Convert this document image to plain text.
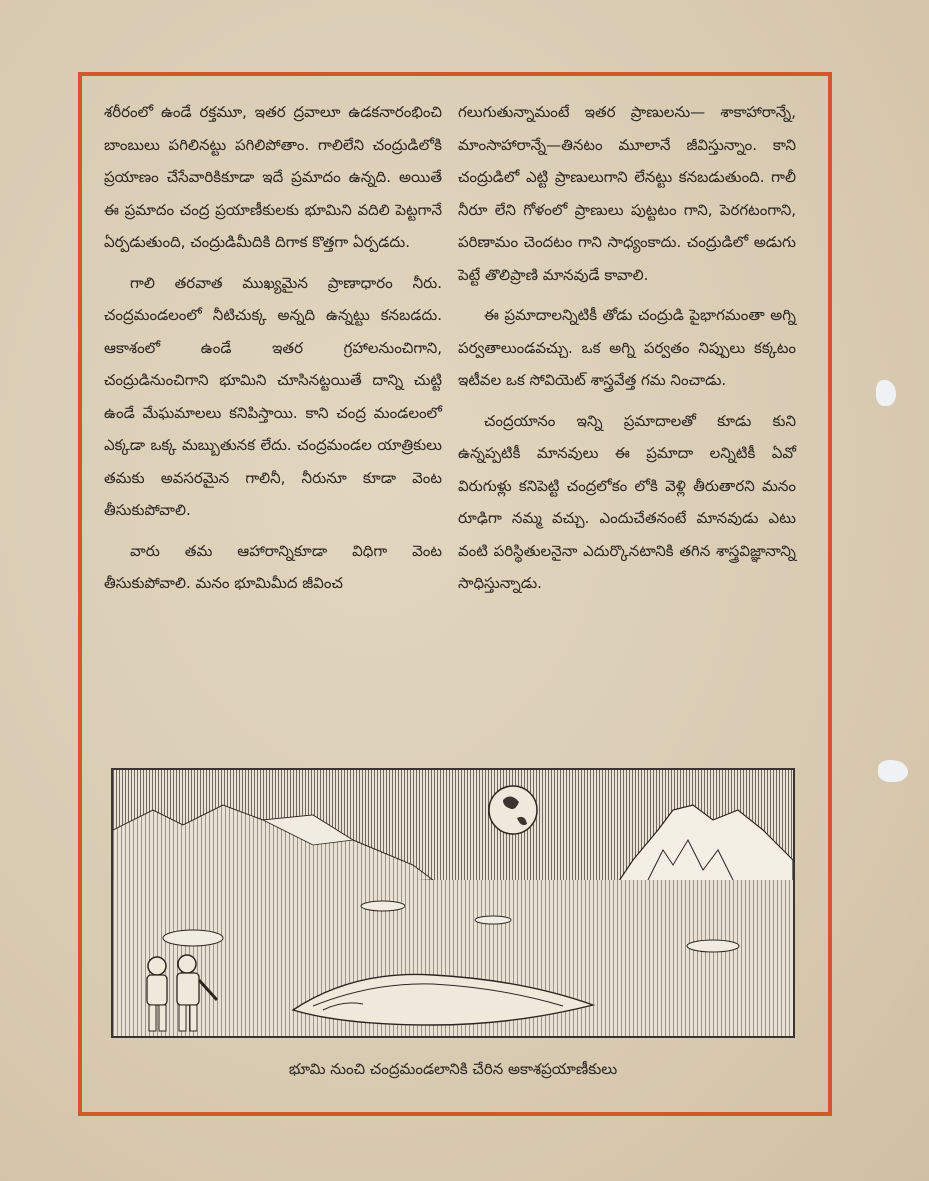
శరీరంలో ఉండే రక్తమూ, ఇతర ద్రవాలూ ఉడకనారంభించి బాంబులు పగిలినట్టు పగిలిపోతాం. గాలిలేని చంద్రుడిలోకి ప్రయాణం చేసేవారికికూడా ఇదే ప్రమాదం ఉన్నది. అయితే ఈ ప్రమాదం చంద్ర ప్రయాణీకులకు భూమిని వదిలి పెట్టగానే ఏర్పడుతుంది, చంద్రుడిమీదికి దిగాక కొత్తగా ఏర్పడదు.

గాలి తరవాత ముఖ్యమైన ప్రాణాధారం నీరు. చంద్రమండలంలో నీటిచుక్క అన్నది ఉన్నట్టు కనబడదు. ఆకాశంలో ఉండే ఇతర గ్రహాలనుంచిగాని, చంద్రుడినుంచిగాని భూమిని చూసినట్టయితే దాన్ని చుట్టి ఉండే మేఘమాలలు కనిపిస్తాయి. కాని చంద్ర మండలంలో ఎక్కడా ఒక్క మబ్బుతునక లేదు. చంద్రమండల యాత్రికులు తమకు అవసరమైన గాలినీ, నీరునూ కూడా వెంట తీసుకుపోవాలి.

వారు తమ ఆహారాన్నికూడా విధిగా వెంట తీసుకుపోవాలి. మనం భూమిమీద జీవించ

గలుగుతున్నామంటే ఇతర ప్రాణులను— శాకాహారాన్నే, మాంసాహారాన్నే—తినటం మూలానే జీవిస్తున్నాం. కాని చంద్రుడిలో ఎట్టి ప్రాణులుగాని లేనట్టు కనబడుతుంది. గాలీ నీరూ లేని గోళంలో ప్రాణులు పుట్టటం గాని, పెరగటంగాని, పరిణామం చెందటం గాని సాధ్యంకాదు. చంద్రుడిలో అడుగు పెట్టే తొలిప్రాణి మానవుడే కావాలి.

ఈ ప్రమాదాలన్నిటికీ తోడు చంద్రుడి పైభాగమంతా అగ్ని పర్వతాలుండవచ్చు. ఒక అగ్ని పర్వతం నిప్పులు కక్కటం ఇటీవల ఒక సోవియెట్ శాస్త్రవేత్త గమ నించాడు.

చంద్రయానం ఇన్ని ప్రమాదాలతో కూడు కుని ఉన్నప్పటికీ మానవులు ఈ ప్రమాదా లన్నిటికీ ఏవో విరుగుళ్లు కనిపెట్టి చంద్రలోకం లోకి వెళ్లి తీరుతారని మనం రూఢిగా నమ్మ వచ్చు. ఎందుచేతనంటే మానవుడు ఎటు వంటి పరిస్థితులనైనా ఎదుర్కొనటానికి తగిన శాస్త్రవిజ్ఞానాన్ని సాధిస్తున్నాడు.

భూమి నుంచి చంద్రమండలానికి చేరిన అకాశప్రయాణీకులు
